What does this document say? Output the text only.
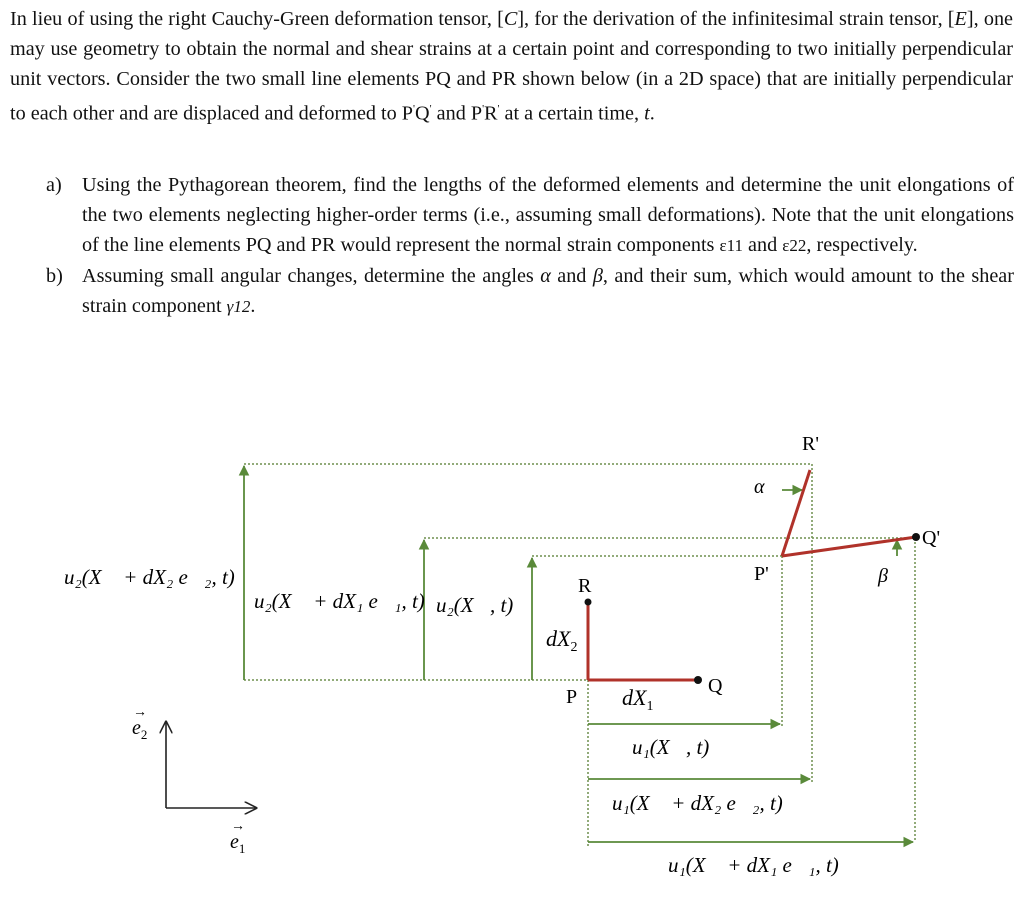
In lieu of using the right Cauchy-Green deformation tensor, [C], for the derivation of the infinitesimal strain tensor, [E], one may use geometry to obtain the normal and shear strains at a certain point and corresponding to two initially perpendicular unit vectors. Consider the two small line elements PQ and PR shown below (in a 2D space) that are initially perpendicular to each other and are displaced and deformed to P'Q' and P'R' at a certain time, t.

a) Using the Pythagorean theorem, find the lengths of the deformed elements and determine the unit elongations of the two elements neglecting higher-order terms (i.e., assuming small deformations). Note that the unit elongations of the line elements PQ and PR would represent the normal strain components ε11 and ε22, respectively.
b) Assuming small angular changes, determine the angles α and β, and their sum, which would amount to the shear strain component γ12.
P	Q
R
P'
Q'
R'
α
β
$dX_2$
$dX_1$
u₂(X⃗ + dX₂ e⃗₂, t)
u₂(X⃗ + dX₁ e⃗₁, t) u₂(X⃗, t)
u₁(X⃗, t)
u₁(X⃗ + dX₂ e⃗₂, t)
u₁(X⃗ + dX₁ e⃗₁, t)
$e_2$
$e_1$
→
→
